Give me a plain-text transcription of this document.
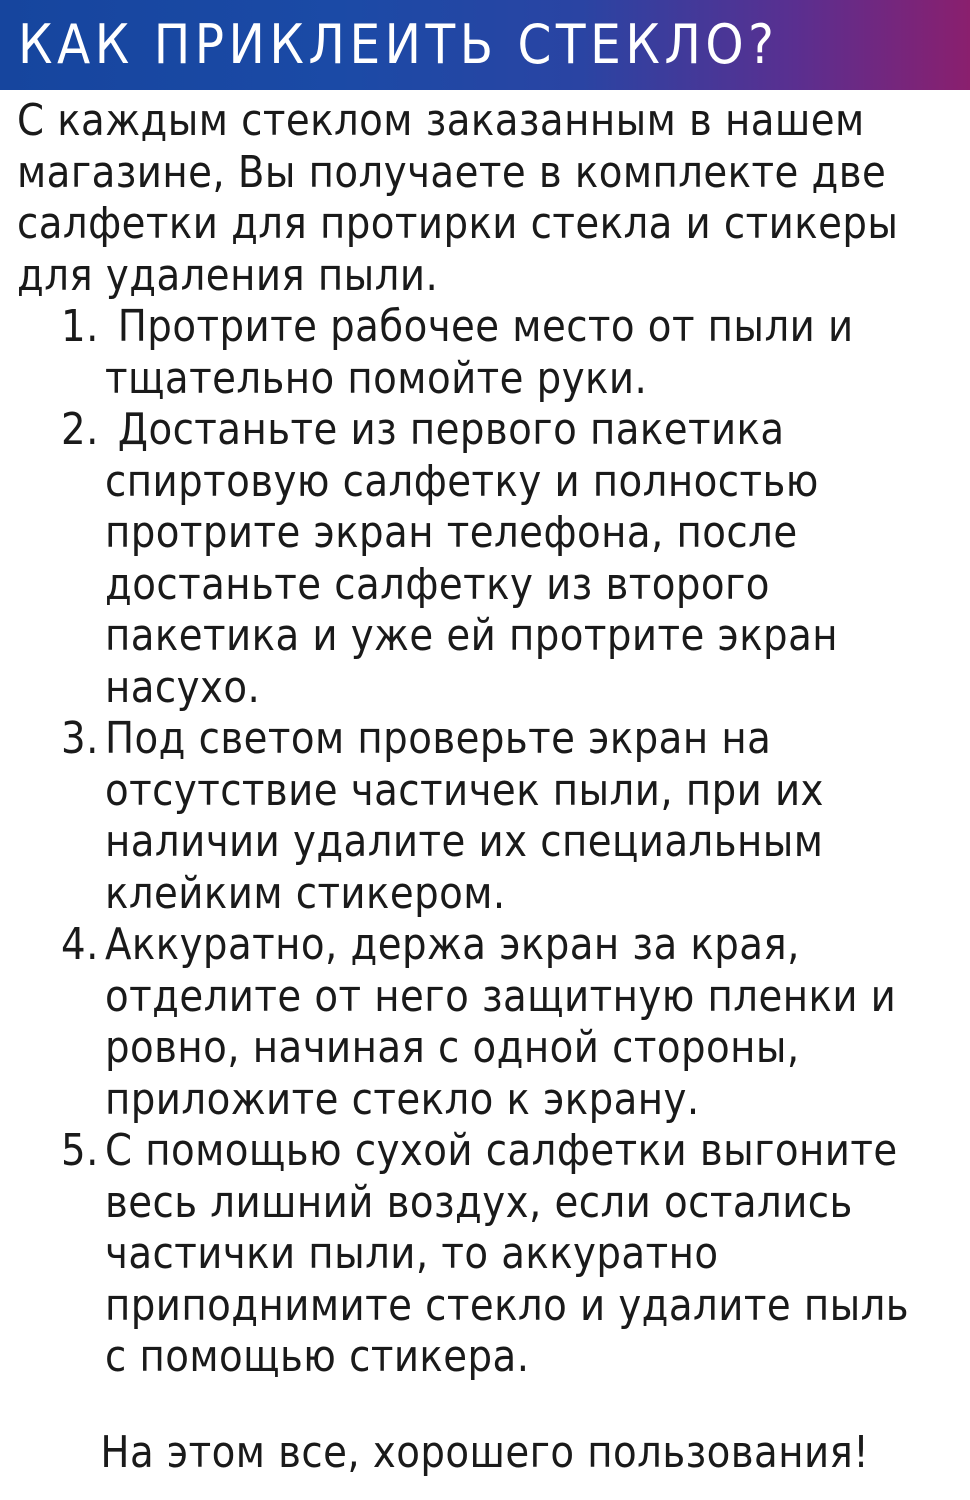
КАК ПРИКЛЕИТЬ СТЕКЛО?
С каждым стеклом заказанным в нашем
магазине, Вы получаете в комплекте две
салфетки для протирки стекла и стикеры
для удаления пыли.
1. Протрите рабочее место от пыли и
тщательно помойте руки.
2. Достаньте из первого пакетика
спиртовую салфетку и полностью
протрите экран телефона, после
достаньте салфетку из второго
пакетика и уже ей протрите экран
насухо.
3. Под светом проверьте экран на
отсутствие частичек пыли, при их
наличии удалите их специальным
клейким стикером.
4. Аккуратно, держа экран за края,
отделите от него защитную пленки и
ровно, начиная с одной стороны,
приложите стекло к экрану.
5. С помощью сухой салфетки выгоните
весь лишний воздух, если остались
частички пыли, то аккуратно
приподнимите стекло и удалите пыль
с помощью стикера.
На этом все, хорошего пользования!
